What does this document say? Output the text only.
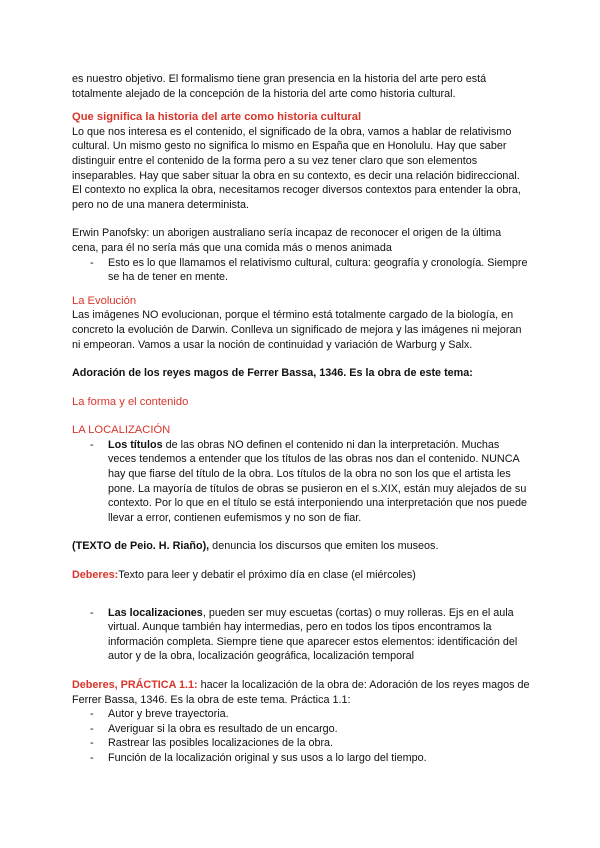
es nuestro objetivo. El formalismo tiene gran presencia en la historia del arte pero está totalmente alejado de la concepción de la historia del arte como historia cultural.

Que significa la historia del arte como historia cultural

Lo que nos interesa es el contenido, el significado de la obra, vamos a hablar de relativismo cultural. Un mismo gesto no significa lo mismo en España que en Honolulu. Hay que saber distinguir entre el contenido de la forma pero a su vez tener claro que son elementos inseparables. Hay que saber situar la obra en su contexto, es decir una relación bidireccional. El contexto no explica la obra, necesitamos recoger diversos contextos para entender la obra, pero no de una manera determinista.

Erwin Panofsky: un aborigen australiano sería incapaz de reconocer el origen de la última cena, para él no sería más que una comida más o menos animada

- Esto es lo que llamamos el relativismo cultural, cultura: geografía y cronología. Siempre se ha de tener en mente.

La Evolución

Las imágenes NO evolucionan, porque el término está totalmente cargado de la biología, en concreto la evolución de Darwin. Conlleva un significado de mejora y las imágenes ni mejoran ni empeoran. Vamos a usar la noción de continuidad y variación de Warburg y Salx.

Adoración de los reyes magos de Ferrer Bassa, 1346. Es la obra de este tema:

La forma y el contenido

LA LOCALIZACIÓN

- Los títulos de las obras NO definen el contenido ni dan la interpretación. Muchas veces tendemos a entender que los títulos de las obras nos dan el contenido. NUNCA hay que fiarse del título de la obra. Los títulos de la obra no son los que el artista les pone. La mayoría de títulos de obras se pusieron en el s.XIX, están muy alejados de su contexto. Por lo que en el título se está interponiendo una interpretación que nos puede llevar a error, contienen eufemismos y no son de fiar.

(TEXTO de Peio. H. Riaño), denuncia los discursos que emiten los museos.

Deberes:Texto para leer y debatir el próximo día en clase (el miércoles)

- Las localizaciones, pueden ser muy escuetas (cortas) o muy rolleras. Ejs en el aula virtual. Aunque también hay intermedias, pero en todos los tipos encontramos la información completa. Siempre tiene que aparecer estos elementos: identificación del autor y de la obra, localización geográfica, localización temporal

Deberes, PRÁCTICA 1.1: hacer la localización de la obra de: Adoración de los reyes magos de Ferrer Bassa, 1346. Es la obra de este tema. Práctica 1.1:

- Autor y breve trayectoria.
- Averiguar si la obra es resultado de un encargo.
- Rastrear las posibles localizaciones de la obra.
- Función de la localización original y sus usos a lo largo del tiempo.
